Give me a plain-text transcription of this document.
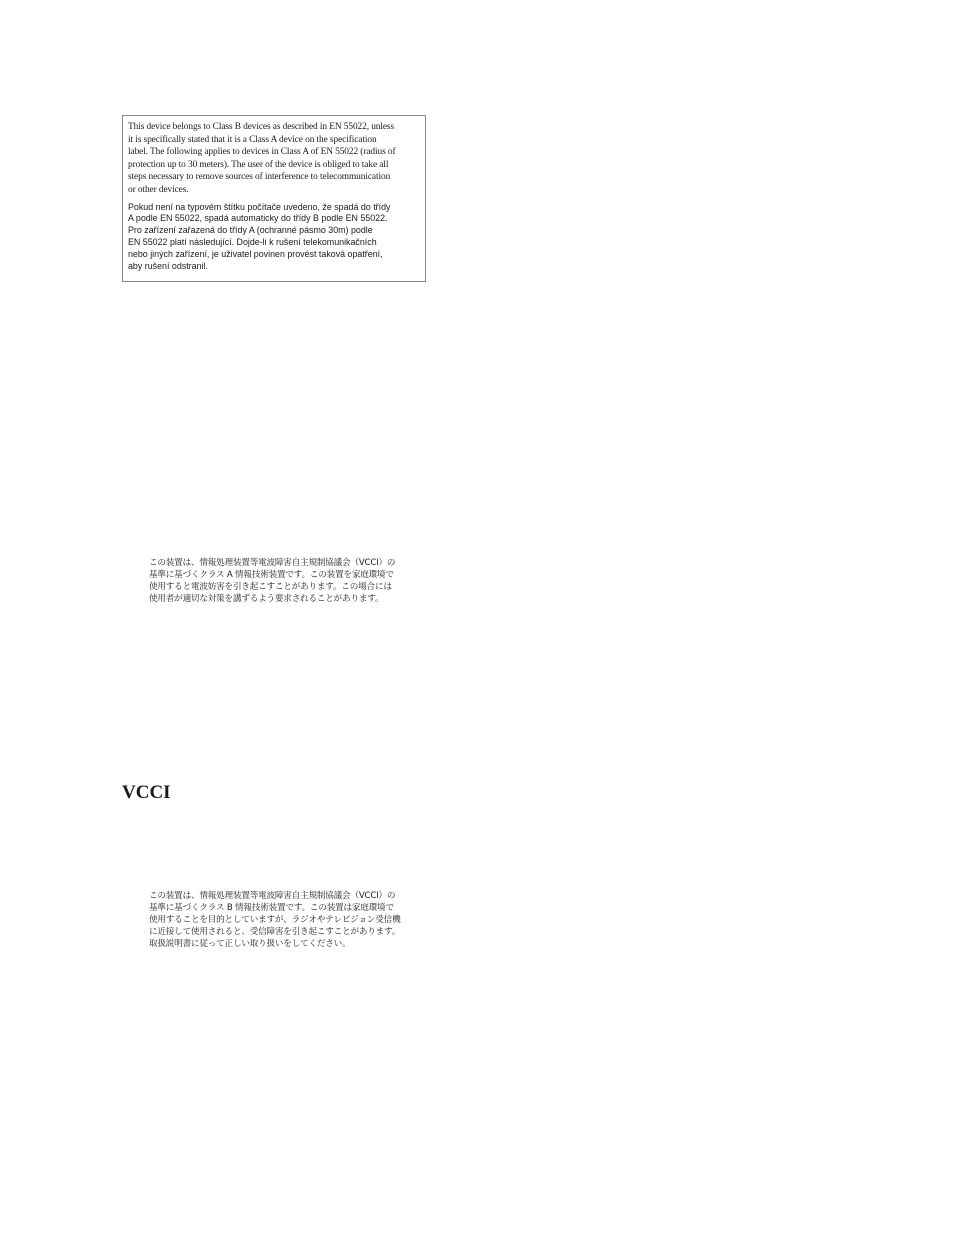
This device belongs to Class B devices as described in EN 55022, unless
it is specifically stated that it is a Class A device on the specification
label. The following applies to devices in Class A of EN 55022 (radius of
protection up to 30 meters). The user of the device is obliged to take all
steps necessary to remove sources of interference to telecommunication
or other devices.

Pokud není na typovém štítku počítače uvedeno, že spadá do třídy
A podle EN 55022, spadá automaticky do třídy B podle EN 55022.
Pro zařízení zařazená do třídy A (ochranné pásmo 30m) podle
EN 55022 platí následující. Dojde-li k rušení telekomunikačních
nebo jiných zařízení, je uživatel povinen provést taková opatření,
aby rušení odstranil.

この装置は、情報処理装置等電波障害自主規制協議会（VCCI）の
基準に基づくクラス A 情報技術装置です。この装置を家庭環境で
使用すると電波妨害を引き起こすことがあります。この場合には
使用者が適切な対策を講ずるよう要求されることがあります。

VCCI

この装置は、情報処理装置等電波障害自主規制協議会（VCCI）の
基準に基づくクラス B 情報技術装置です。この装置は家庭環境で
使用することを目的としていますが、ラジオやテレビジョン受信機
に近接して使用されると、受信障害を引き起こすことがあります。
取扱説明書に従って正しい取り扱いをしてください。
